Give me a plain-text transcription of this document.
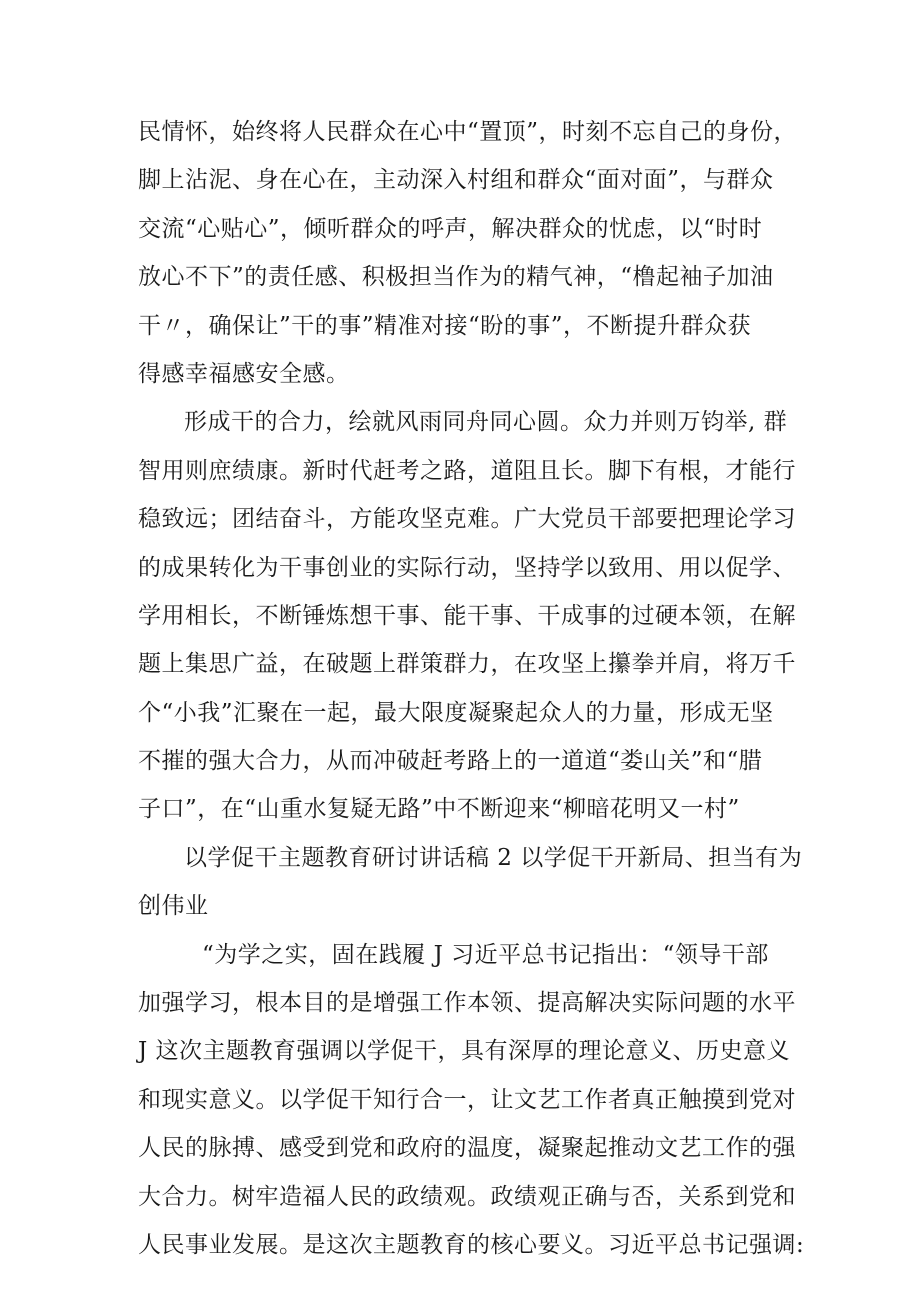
民情怀，始终将人民群众在心中“置顶”，时刻不忘自己的身份，
脚上沾泥、身在心在，主动深入村组和群众“面对面”，与群众
交流“心贴心”，倾听群众的呼声，解决群众的忧虑，以“时时
放心不下”的责任感、积极担当作为的精气神，“橹起袖子加油
干〃，确保让”干的事”精准对接“盼的事”，不断提升群众获
得感幸福感安全感。
形成干的合力，绘就风雨同舟同心圆。众力并则万钧举, 群
智用则庶绩康。新时代赶考之路，道阻且长。脚下有根，才能行
稳致远；团结奋斗，方能攻坚克难。广大党员干部要把理论学习
的成果转化为干事创业的实际行动，坚持学以致用、用以促学、
学用相长，不断锤炼想干事、能干事、干成事的过硬本领，在解
题上集思广益，在破题上群策群力，在攻坚上攥拳并肩，将万千
个“小我”汇聚在一起，最大限度凝聚起众人的力量，形成无坚
不摧的强大合力，从而冲破赶考路上的一道道“娄山关”和“腊
子口”，在“山重水复疑无路”中不断迎来“柳暗花明又一村”
以学促干主题教育研讨讲话稿 2 以学促干开新局、担当有为
创伟业
“为学之实，固在践履 J 习近平总书记指出：“领导干部
加强学习，根本目的是增强工作本领、提高解决实际问题的水平
J 这次主题教育强调以学促干，具有深厚的理论意义、历史意义
和现实意义。以学促干知行合一，让文艺工作者真正触摸到党对
人民的脉搏、感受到党和政府的温度，凝聚起推动文艺工作的强
大合力。树牢造福人民的政绩观。政绩观正确与否，关系到党和
人民事业发展。是这次主题教育的核心要义。习近平总书记强调:
